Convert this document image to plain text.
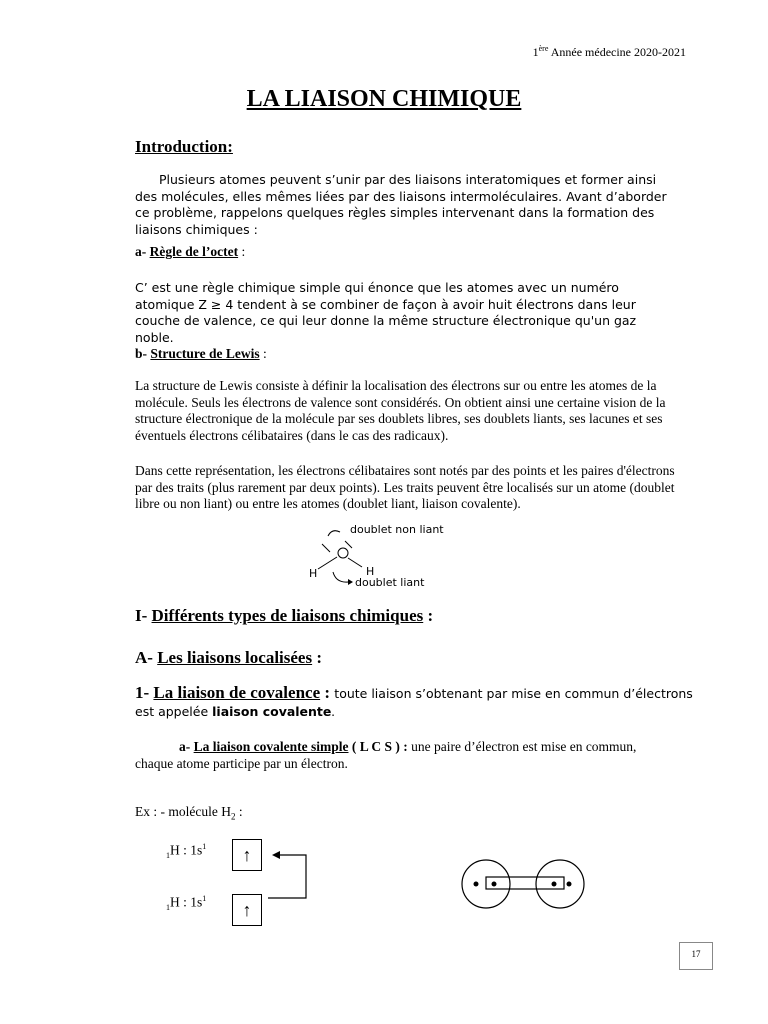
1ère Année médecine 2020-2021
LA LIAISON CHIMIQUE
Introduction:
Plusieurs atomes peuvent s’unir par des liaisons interatomiques et former ainsi des molécules, elles mêmes liées par des liaisons intermoléculaires. Avant d’aborder ce problème, rappelons quelques règles simples intervenant dans la formation des liaisons chimiques :
a- Règle de l’octet :
C’ est une règle chimique simple qui énonce que les atomes avec un numéro atomique Z ≥ 4 tendent à se combiner de façon à avoir huit électrons dans leur couche de valence, ce qui leur donne la même structure électronique qu'un gaz noble.
b- Structure de Lewis :
La structure de Lewis consiste à définir la localisation des électrons sur ou entre les atomes de la molécule. Seuls les électrons de valence sont considérés. On obtient ainsi une certaine vision de la structure électronique de la molécule par ses doublets libres, ses doublets liants, ses lacunes et ses éventuels électrons célibataires (dans le cas des radicaux).
Dans cette représentation, les électrons célibataires sont notés par des points et les paires d'électrons par des traits (plus rarement par deux points). Les traits peuvent être localisés sur un atome (doublet libre ou non liant) ou entre les atomes (doublet liant, liaison covalente).
doublet non liant
doublet liant
H	H
I- Différents types de liaisons chimiques :
A- Les liaisons localisées :
1- La liaison de covalence : toute liaison s’obtenant par mise en commun d’électrons est appelée liaison covalente.
a- La liaison covalente simple ( L C S ) : une paire d’électron est mise en commun, chaque atome participe par un électron.
Ex : - molécule $H_2$ :
$_1$H : $1s^1$	↑
$_1$H : $1s^1$
↑
17
